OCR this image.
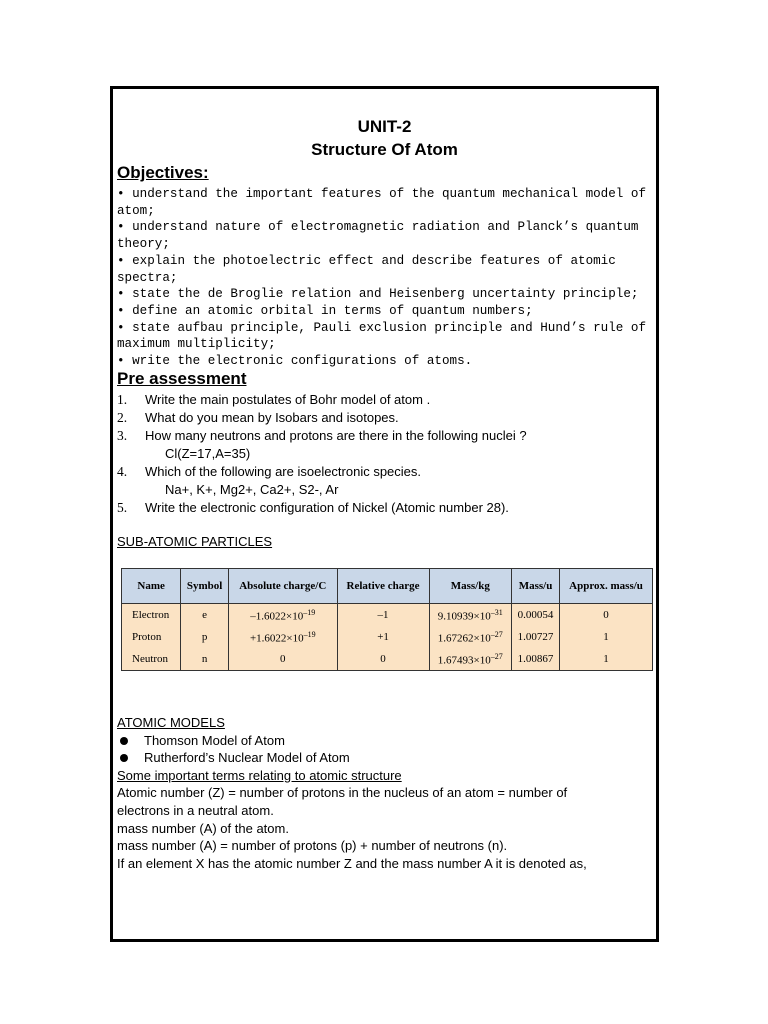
UNIT-2
Structure Of Atom
Objectives:
• understand the important features of the quantum mechanical model of atom;
• understand nature of electromagnetic radiation and Planck’s quantum theory;
• explain the photoelectric effect and describe features of atomic spectra;
• state the de Broglie relation and Heisenberg uncertainty principle;
• define an atomic orbital in terms of quantum numbers;
• state aufbau principle, Pauli exclusion principle and Hund’s rule of maximum multiplicity;
• write the electronic configurations of atoms.
Pre assessment
1. Write the main postulates of Bohr model of atom .
2. What do you mean by Isobars and isotopes.
3. How many neutrons and protons are there in the following nuclei ?
Cl(Z=17,A=35)
4. Which of the following are isoelectronic species.
Na+, K+, Mg2+, Ca2+, S2-, Ar
5. Write the electronic configuration of Nickel (Atomic number 28).
SUB-ATOMIC PARTICLES
Name	Symbol	Absolute charge/C	Relative charge	Mass/kg	Mass/u	Approx. mass/u
Electron	e	$-1.6022\times 10^{-19}$	–1	$9.10939\times 10^{-31}$	0.00054	0
Proton	p	$+1.6022\times 10^{-19}$	+1	$1.67262\times 10^{-27}$	1.00727	1
Neutron	n	0	0	$1.67493\times 10^{-27}$	1.00867	1
ATOMIC MODELS
Thomson Model of Atom
Rutherford’s Nuclear Model of Atom
Some important terms relating to atomic structure
Atomic number (Z) = number of protons in the nucleus of an atom = number of
electrons in a neutral atom.
mass number (A) of the atom.
mass number (A) = number of protons (p) + number of neutrons (n).
If an element X has the atomic number Z and the mass number A it is denoted as,
